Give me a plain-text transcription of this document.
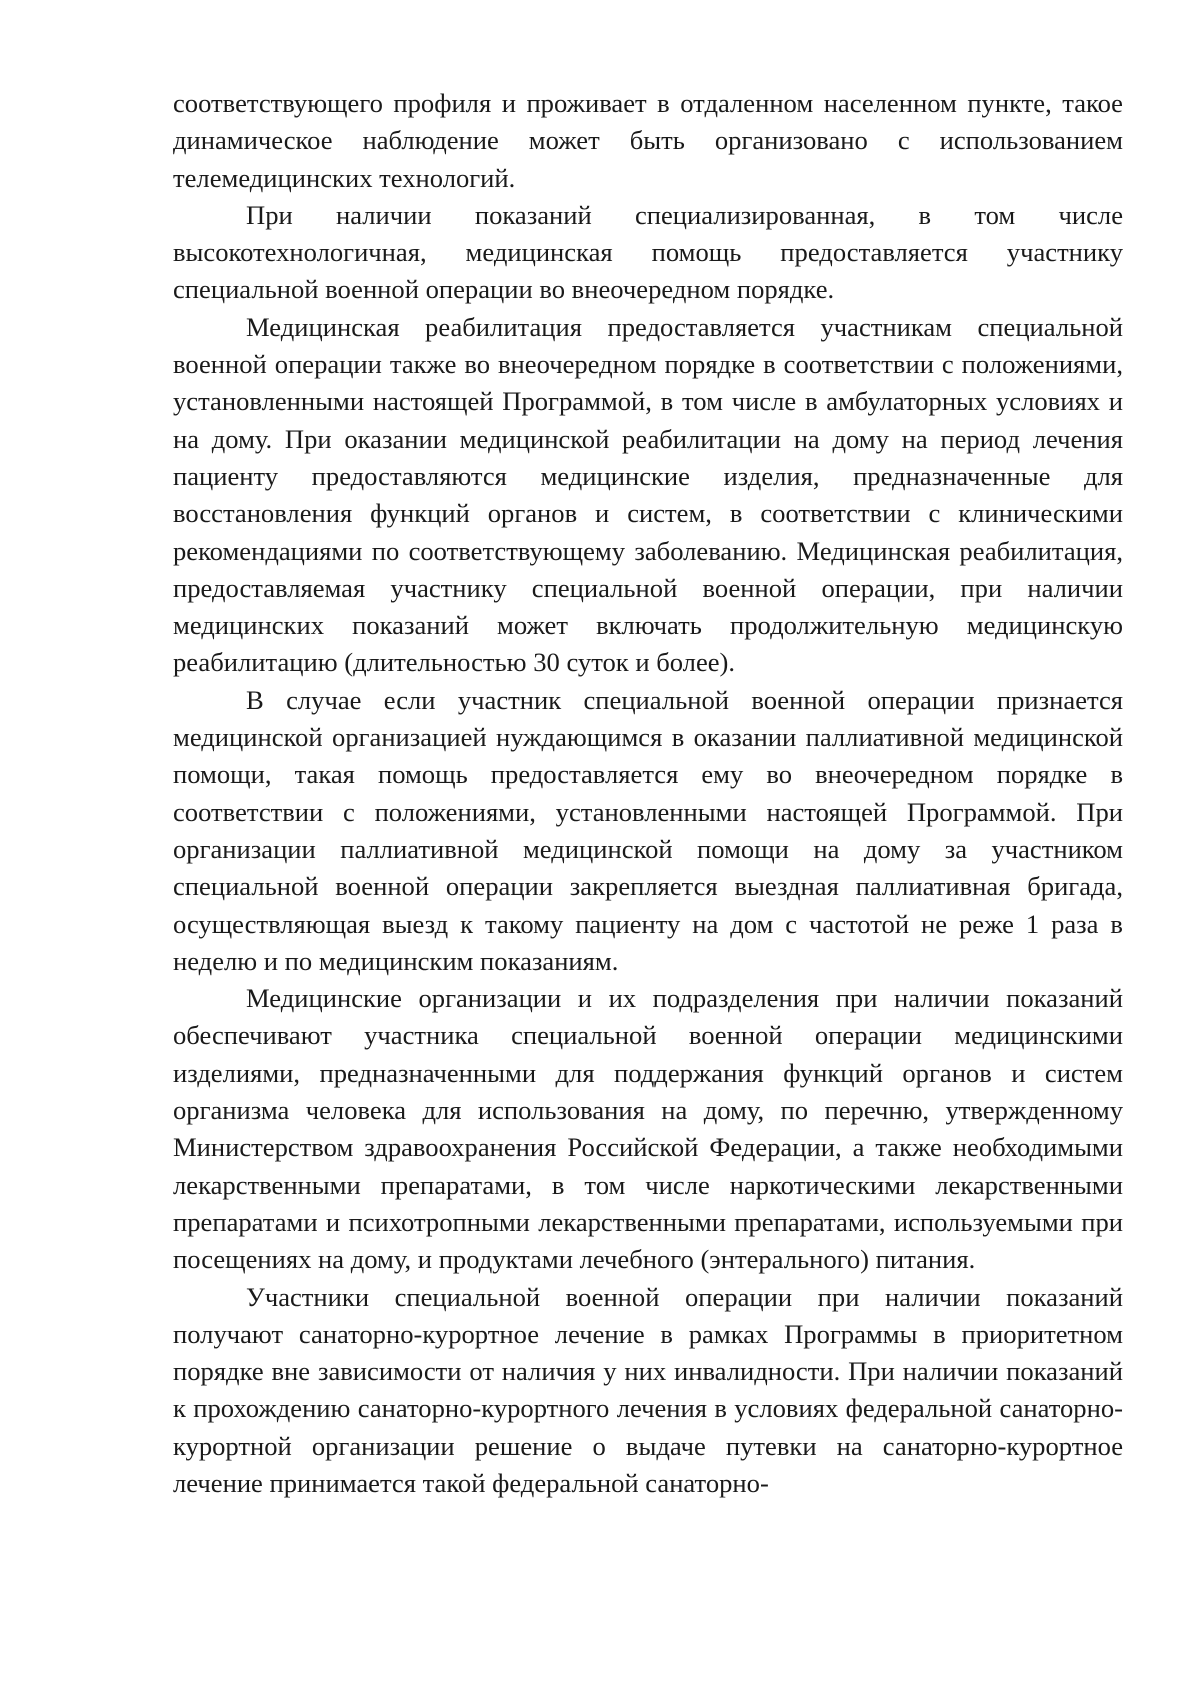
соответствующего профиля и проживает в отдаленном населенном пункте, такое динамическое наблюдение может быть организовано с использованием телемедицинских технологий.

При наличии показаний специализированная, в том числе высокотехнологичная, медицинская помощь предоставляется участнику специальной военной операции во внеочередном порядке.

Медицинская реабилитация предоставляется участникам специальной военной операции также во внеочередном порядке в соответствии с положениями, установленными настоящей Программой, в том числе в амбулаторных условиях и на дому. При оказании медицинской реабилитации на дому на период лечения пациенту предоставляются медицинские изделия, предназначенные для восстановления функций органов и систем, в соответствии с клиническими рекомендациями по соответствующему заболеванию. Медицинская реабилитация, предоставляемая участнику специальной военной операции, при наличии медицинских показаний может включать продолжительную медицинскую реабилитацию (длительностью 30 суток и более).

В случае если участник специальной военной операции признается медицинской организацией нуждающимся в оказании паллиативной медицинской помощи, такая помощь предоставляется ему во внеочередном порядке в соответствии с положениями, установленными настоящей Программой. При организации паллиативной медицинской помощи на дому за участником специальной военной операции закрепляется выездная паллиативная бригада, осуществляющая выезд к такому пациенту на дом с частотой не реже 1 раза в неделю и по медицинским показаниям.

Медицинские организации и их подразделения при наличии показаний обеспечивают участника специальной военной операции медицинскими изделиями, предназначенными для поддержания функций органов и систем организма человека для использования на дому, по перечню, утвержденному Министерством здравоохранения Российской Федерации, а также необходимыми лекарственными препаратами, в том числе наркотическими лекарственными препаратами и психотропными лекарственными препаратами, используемыми при посещениях на дому, и продуктами лечебного (энтерального) питания.

Участники специальной военной операции при наличии показаний получают санаторно-курортное лечение в рамках Программы в приоритетном порядке вне зависимости от наличия у них инвалидности. При наличии показаний к прохождению санаторно-курортного лечения в условиях федеральной санаторно-курортной организации решение о выдаче путевки на санаторно-курортное лечение принимается такой федеральной санаторно-
